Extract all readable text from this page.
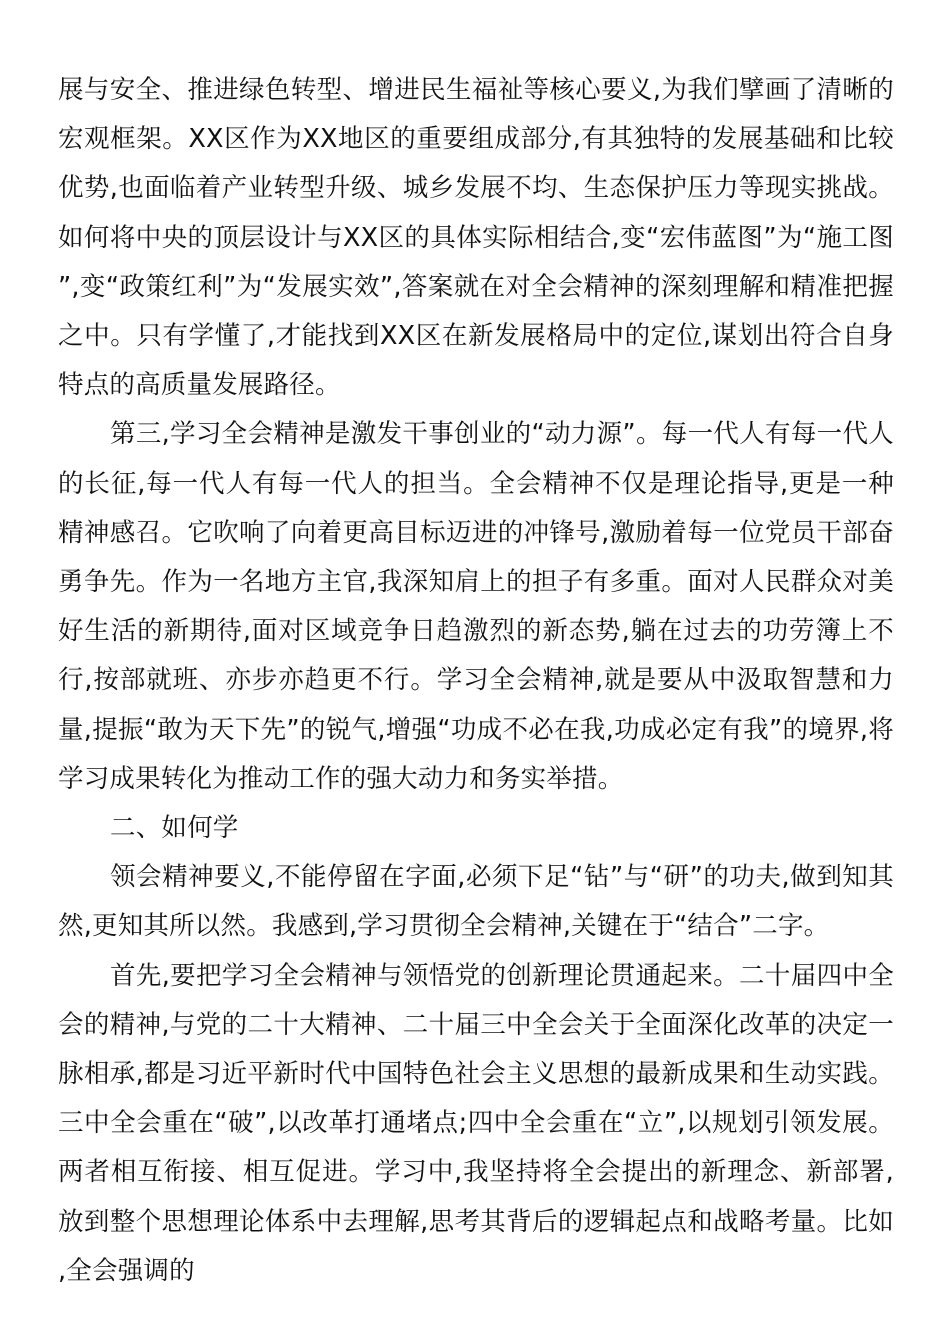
展与安全、推进绿色转型、增进民生福祉等核心要义,为我们擘画了清晰的宏观框架。XX区作为XX地区的重要组成部分,有其独特的发展基础和比较优势,也面临着产业转型升级、城乡发展不均、生态保护压力等现实挑战。如何将中央的顶层设计与XX区的具体实际相结合,变“宏伟蓝图”为“施工图”,变“政策红利”为“发展实效”,答案就在对全会精神的深刻理解和精准把握之中。只有学懂了,才能找到XX区在新发展格局中的定位,谋划出符合自身特点的高质量发展路径。

第三,学习全会精神是激发干事创业的“动力源”。每一代人有每一代人的长征,每一代人有每一代人的担当。全会精神不仅是理论指导,更是一种精神感召。它吹响了向着更高目标迈进的冲锋号,激励着每一位党员干部奋勇争先。作为一名地方主官,我深知肩上的担子有多重。面对人民群众对美好生活的新期待,面对区域竞争日趋激烈的新态势,躺在过去的功劳簿上不行,按部就班、亦步亦趋更不行。学习全会精神,就是要从中汲取智慧和力量,提振“敢为天下先”的锐气,增强“功成不必在我,功成必定有我”的境界,将学习成果转化为推动工作的强大动力和务实举措。

二、如何学

领会精神要义,不能停留在字面,必须下足“钻”与“研”的功夫,做到知其然,更知其所以然。我感到,学习贯彻全会精神,关键在于“结合”二字。

首先,要把学习全会精神与领悟党的创新理论贯通起来。二十届四中全会的精神,与党的二十大精神、二十届三中全会关于全面深化改革的决定一脉相承,都是习近平新时代中国特色社会主义思想的最新成果和生动实践。三中全会重在“破”,以改革打通堵点;四中全会重在“立”,以规划引领发展。两者相互衔接、相互促进。学习中,我坚持将全会提出的新理念、新部署,放到整个思想理论体系中去理解,思考其背后的逻辑起点和战略考量。比如,全会强调的
